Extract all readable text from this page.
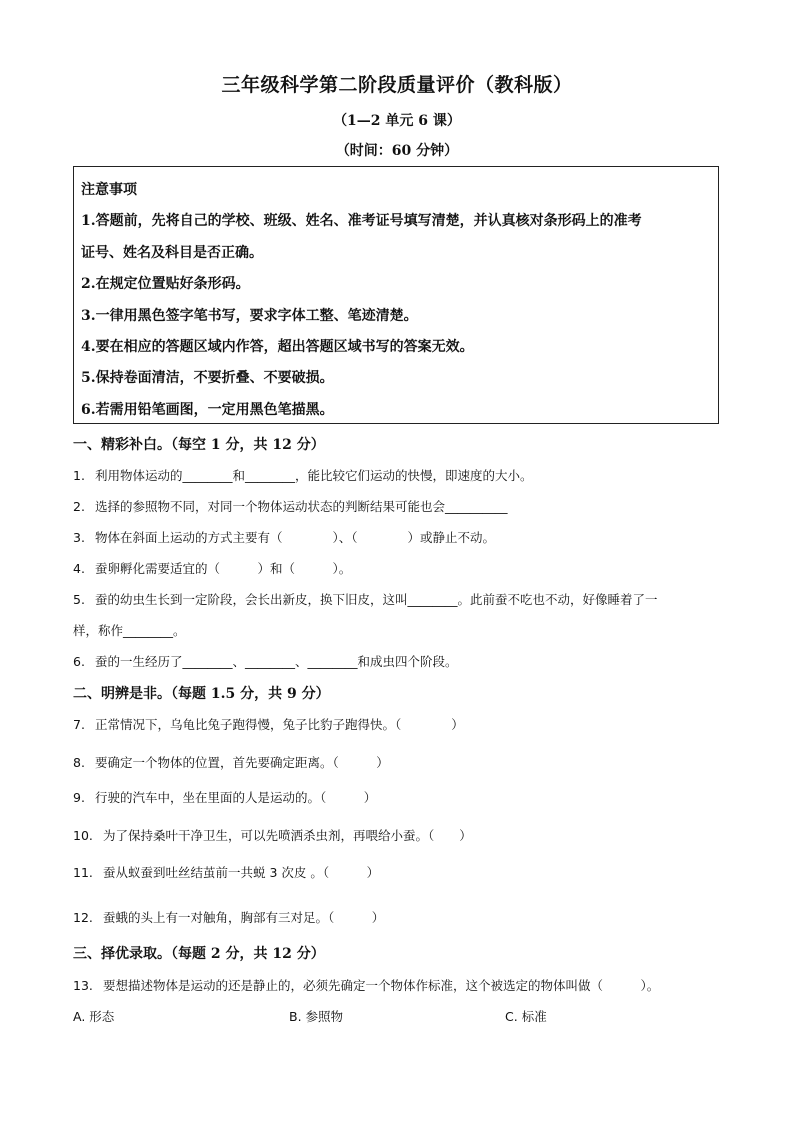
三年级科学第二阶段质量评价（教科版）
（1—2 单元 6 课）
（时间：60 分钟）
注意事项
1.答题前，先将自己的学校、班级、姓名、准考证号填写清楚，并认真核对条形码上的准考
证号、姓名及科目是否正确。
2.在规定位置贴好条形码。
3.一律用黑色签字笔书写，要求字体工整、笔迹清楚。
4.要在相应的答题区域内作答，超出答题区域书写的答案无效。
5.保持卷面清洁，不要折叠、不要破损。
6.若需用铅笔画图，一定用黑色笔描黑。
一、精彩补白。（每空 1 分，共 12 分）
1. 利用物体运动的________和________，能比较它们运动的快慢，即速度的大小。
2. 选择的参照物不同，对同一个物体运动状态的判断结果可能也会__________
3. 物体在斜面上运动的方式主要有（　　　　）、（　　　　）或静止不动。
4. 蚕卵孵化需要适宜的（　　　）和（　　　）。
5. 蚕的幼虫生长到一定阶段，会长出新皮，换下旧皮，这叫________。此前蚕不吃也不动，好像睡着了一
样，称作________。
6. 蚕的一生经历了________、________、________和成虫四个阶段。
二、明辨是非。（每题 1.5 分，共 9 分）
7. 正常情况下，乌龟比兔子跑得慢，兔子比豹子跑得快。（　　　　）
8. 要确定一个物体的位置，首先要确定距离。（　　　）
9. 行驶的汽车中，坐在里面的人是运动的。（　　　）
10. 为了保持桑叶干净卫生，可以先喷洒杀虫剂，再喂给小蚕。（　　）
11. 蚕从蚁蚕到吐丝结茧前一共蜕 3 次皮 。（　　　）
12. 蚕蛾的头上有一对触角，胸部有三对足。（　　　）
三、择优录取。（每题 2 分，共 12 分）
13. 要想描述物体是运动的还是静止的，必须先确定一个物体作标准，这个被选定的物体叫做（　　　）。
A. 形态	B. 参照物	C. 标准
